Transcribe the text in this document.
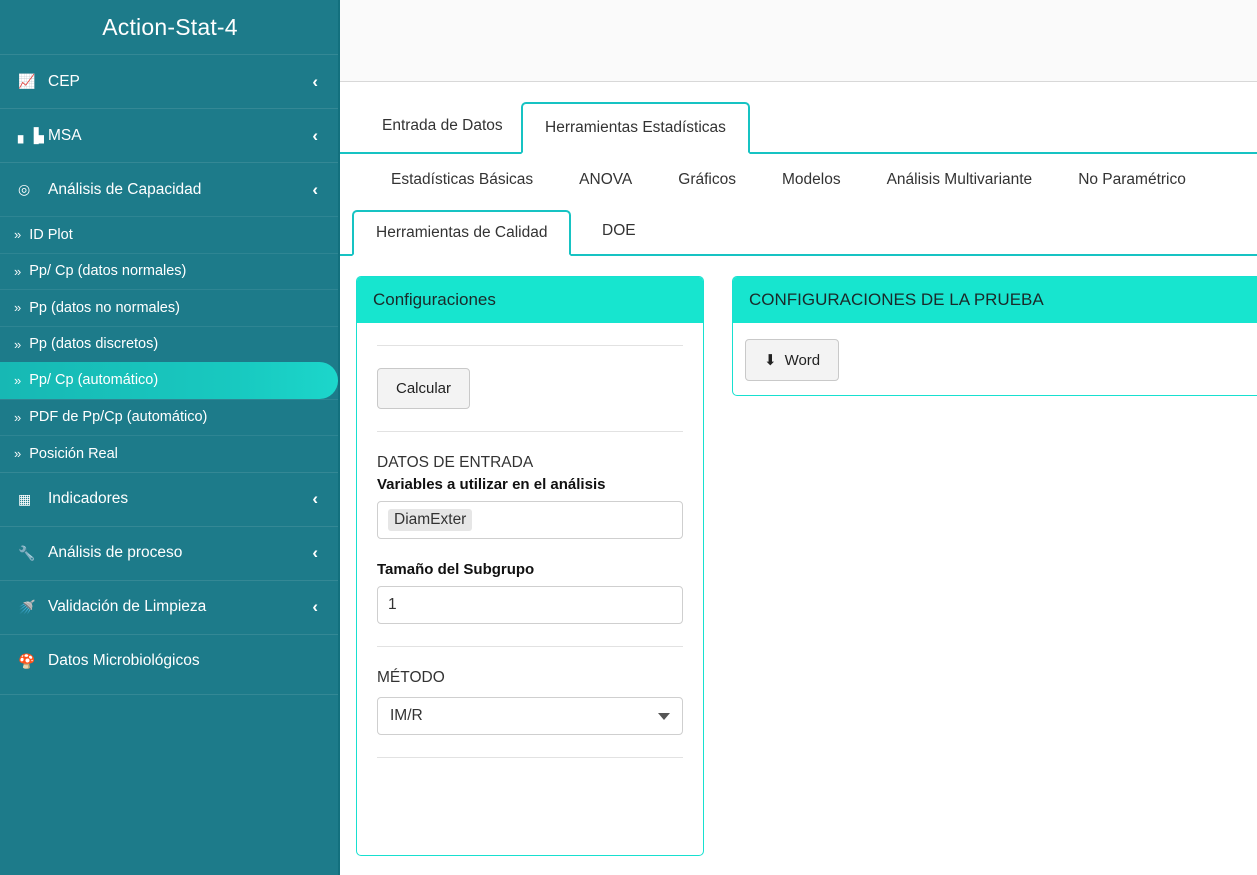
Action-Stat-4
📈 CEP	‹
▖▐▖
MSA	‹
◎	Análisis de Capacidad	‹
» ID Plot
» Pp/ Cp (datos normales)
» Pp (datos no normales)
» Pp (datos discretos)
» Pp/ Cp (automático)
» PDF de Pp/Cp (automático)
» Posición Real
▦	Indicadores	‹
🔧 Análisis de proceso	‹
🚿 Validación de Limpieza	‹
🍄 Datos Microbiológicos
Entrada de Datos	Herramientas Estadísticas
Estadísticas Básicas	ANOVA	Gráficos	Modelos	Análisis Multivariante	No Paramétrico
Herramientas de Calidad	DOE
Configuraciones
Calcular
DATOS DE ENTRADA
Variables a utilizar en el análisis
DiamExter
Tamaño del Subgrupo
1
MÉTODO
IM/R
CONFIGURACIONES DE LA PRUEBA
⬇ Word
